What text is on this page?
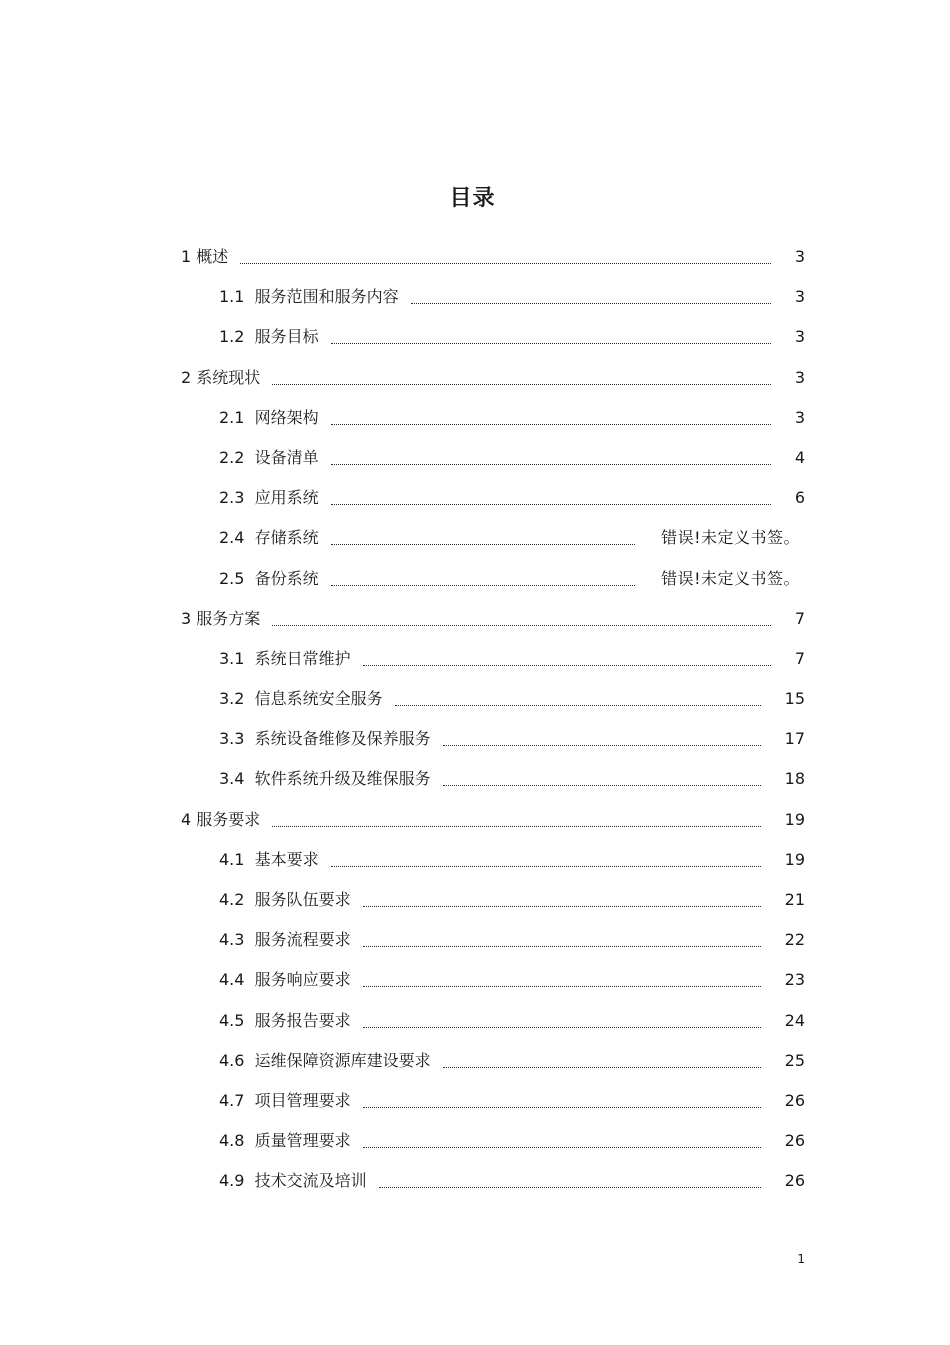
目录
1 概述	3
1.1 服务范围和服务内容	3
1.2 服务目标	3
2 系统现状	3
2.1 网络架构	3
2.2 设备清单	4
2.3 应用系统	6
2.4 存储系统	错误!未定义书签。
2.5 备份系统	错误!未定义书签。
3 服务方案	7
3.1 系统日常维护	7
3.2 信息系统安全服务	15
3.3 系统设备维修及保养服务	17
3.4 软件系统升级及维保服务	18
4 服务要求	19
4.1 基本要求	19
4.2 服务队伍要求	21
4.3 服务流程要求	22
4.4 服务响应要求	23
4.5 服务报告要求	24
4.6 运维保障资源库建设要求	25
4.7 项目管理要求	26
4.8 质量管理要求	26
4.9 技术交流及培训	26
1
